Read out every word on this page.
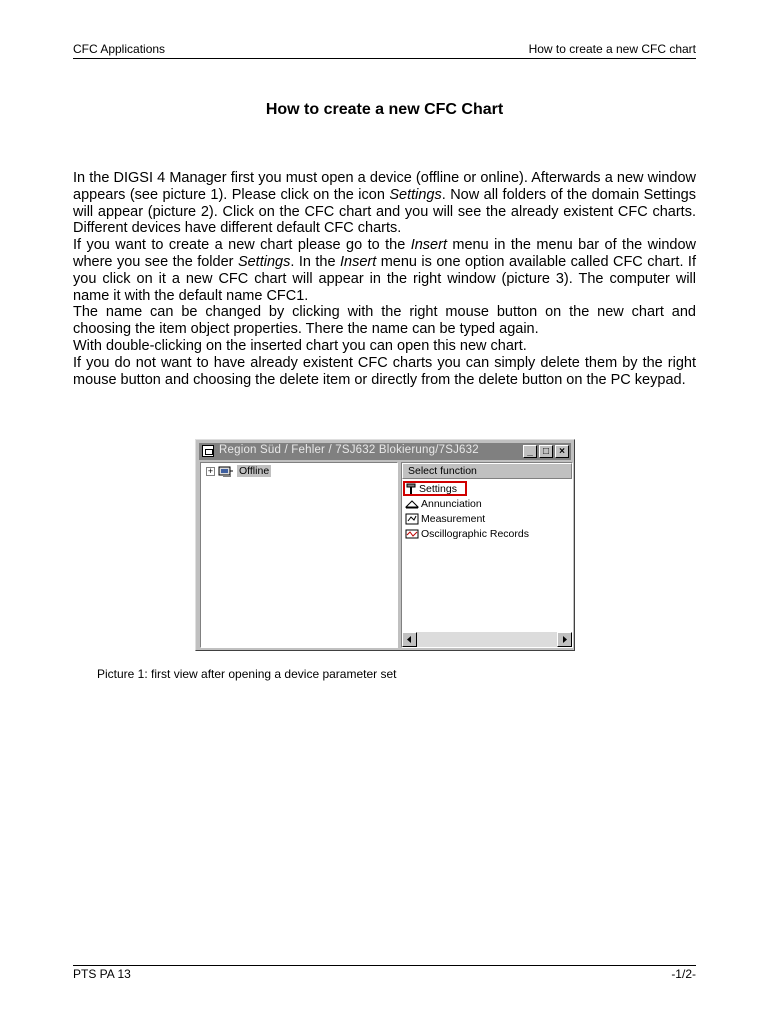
CFC Applications	How to create a new CFC chart
How to create a new CFC Chart

In the DIGSI 4 Manager first you must open a device (offline or online). Afterwards a new window appears (see picture 1). Please click on the icon Settings. Now all folders of the domain Settings will appear (picture 2). Click on the CFC chart and you will see the already existent CFC charts. Different devices have different default CFC charts.

If you want to create a new chart please go to the Insert menu in the menu bar of the window where you see the folder Settings. In the Insert menu is one option available called CFC chart. If you click on it a new CFC chart will appear in the right window (picture 3). The computer will name it with the default name CFC1.

The name can be changed by clicking with the right mouse button on the new chart and choosing the item object properties. There the name can be typed again.

With double-clicking on the inserted chart you can open this new chart.

If you do not want to have already existent CFC charts you can simply delete them by the right mouse button and choosing the delete item or directly from the delete button on the PC keypad.

Region Süd / Fehler / 7SJ632 Blokierung/7SJ632	_	□	×
+ Offline	Select function
Settings
Annunciation
Measurement
Oscillographic Records
Picture 1: first view after opening a device parameter set
PTS PA 13	-1/2-
